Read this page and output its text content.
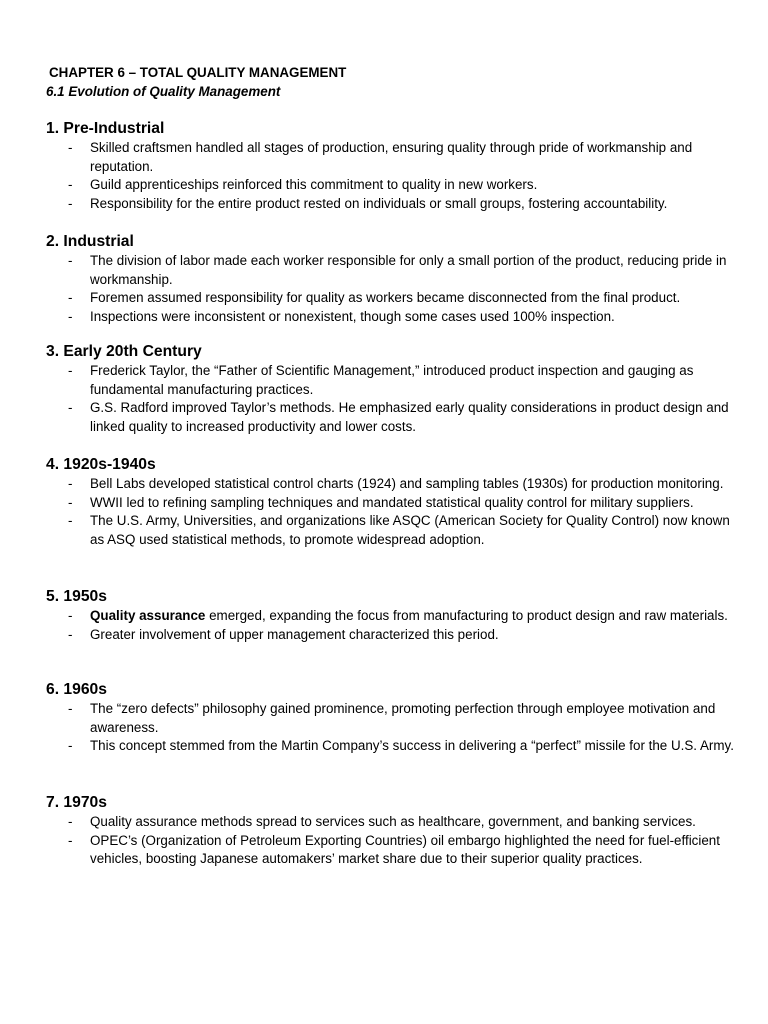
CHAPTER 6 – TOTAL QUALITY MANAGEMENT
6.1 Evolution of Quality Management
1. Pre-Industrial
- Skilled craftsmen handled all stages of production, ensuring quality through pride of workmanship and reputation.
- Guild apprenticeships reinforced this commitment to quality in new workers.
- Responsibility for the entire product rested on individuals or small groups, fostering accountability.
2. Industrial
- The division of labor made each worker responsible for only a small portion of the product, reducing pride in workmanship.
- Foremen assumed responsibility for quality as workers became disconnected from the final product.
- Inspections were inconsistent or nonexistent, though some cases used 100% inspection.
3. Early 20th Century
- Frederick Taylor, the “Father of Scientific Management,” introduced product inspection and gauging as fundamental manufacturing practices.
- G.S. Radford improved Taylor’s methods. He emphasized early quality considerations in product design and linked quality to increased productivity and lower costs.
4. 1920s-1940s
- Bell Labs developed statistical control charts (1924) and sampling tables (1930s) for production monitoring.
- WWII led to refining sampling techniques and mandated statistical quality control for military suppliers.
- The U.S. Army, Universities, and organizations like ASQC (American Society for Quality Control) now known as ASQ used statistical methods, to promote widespread adoption.
5. 1950s
- Quality assurance emerged, expanding the focus from manufacturing to product design and raw materials.
- Greater involvement of upper management characterized this period.
6. 1960s
- The “zero defects” philosophy gained prominence, promoting perfection through employee motivation and awareness.
- This concept stemmed from the Martin Company’s success in delivering a “perfect” missile for the U.S. Army.
7. 1970s
- Quality assurance methods spread to services such as healthcare, government, and banking services.
- OPEC’s (Organization of Petroleum Exporting Countries) oil embargo highlighted the need for fuel-efficient vehicles, boosting Japanese automakers’ market share due to their superior quality practices.
